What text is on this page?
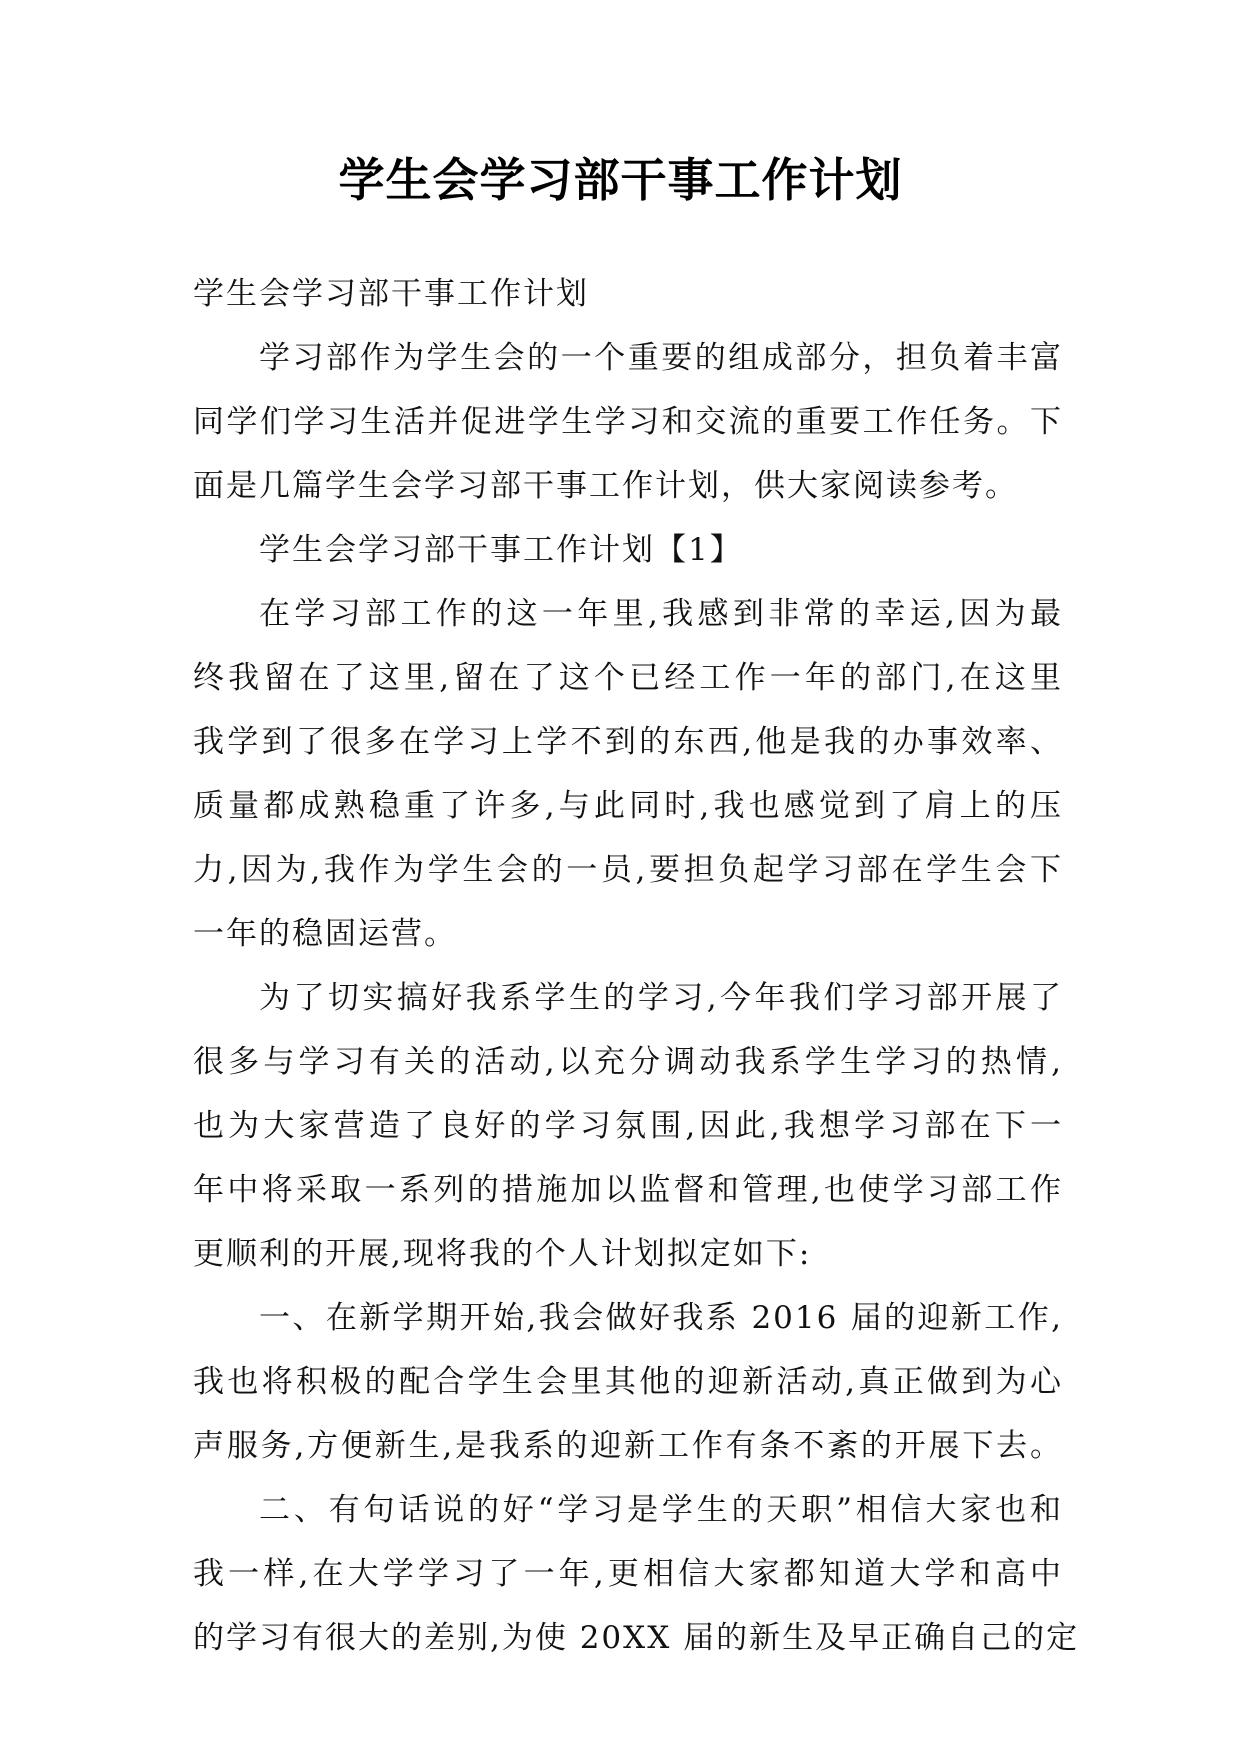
学生会学习部干事工作计划
学生会学习部干事工作计划
学习部作为学生会的一个重要的组成部分，担负着丰富
同学们学习生活并促进学生学习和交流的重要工作任务。下
面是几篇学生会学习部干事工作计划，供大家阅读参考。
学生会学习部干事工作计划【1】
在学习部工作的这一年里,我感到非常的幸运,因为最
终我留在了这里,留在了这个已经工作一年的部门,在这里
我学到了很多在学习上学不到的东西,他是我的办事效率、
质量都成熟稳重了许多,与此同时,我也感觉到了肩上的压
力,因为,我作为学生会的一员,要担负起学习部在学生会下
一年的稳固运营。
为了切实搞好我系学生的学习,今年我们学习部开展了
很多与学习有关的活动,以充分调动我系学生学习的热情,
也为大家营造了良好的学习氛围,因此,我想学习部在下一
年中将采取一系列的措施加以监督和管理,也使学习部工作
更顺利的开展,现将我的个人计划拟定如下:
一、在新学期开始,我会做好我系 2016 届的迎新工作,
我也将积极的配合学生会里其他的迎新活动,真正做到为心
声服务,方便新生,是我系的迎新工作有条不紊的开展下去。
二、有句话说的好“学习是学生的天职”相信大家也和
我一样,在大学学习了一年,更相信大家都知道大学和高中
的学习有很大的差别,为使 20XX 届的新生及早正确自己的定
